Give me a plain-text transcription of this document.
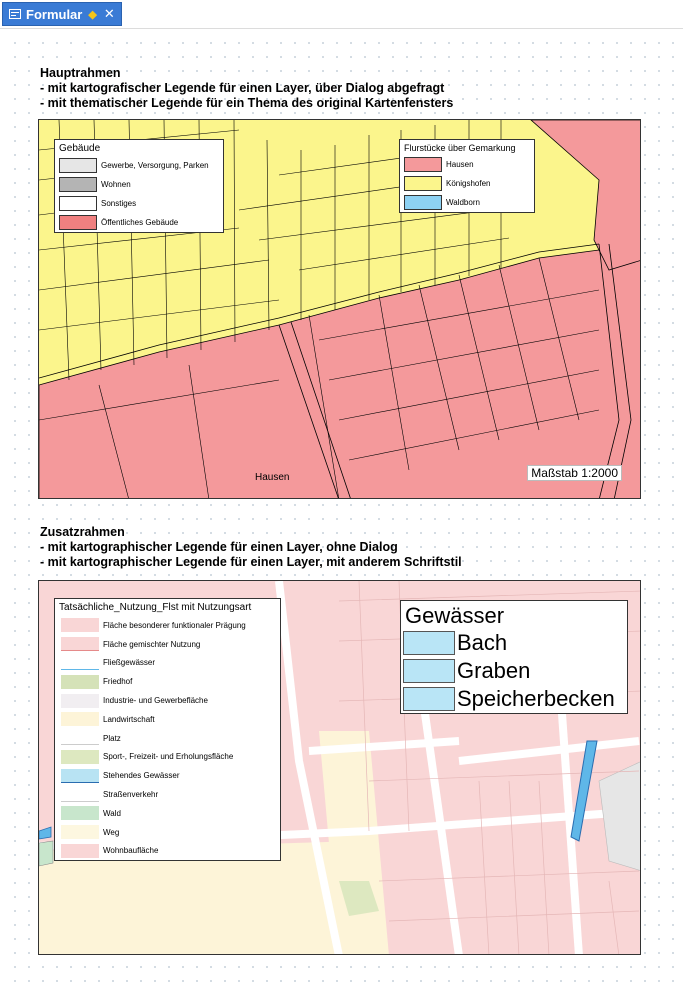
Formular ◆ ✕
Hauptrahmen
- mit kartografischer Legende für einen Layer, über Dialog abgefragt
- mit thematischer Legende für ein Thema des original Kartenfensters
Gebäude
Gewerbe, Versorgung, Parken
Wohnen
Sonstiges
Öffentliches Gebäude
Flurstücke über Gemarkung
Hausen
Königshofen
Waldborn
Hausen	Maßstab 1:2000
Zusatzrahmen
- mit kartographischer Legende für einen Layer, ohne Dialog
- mit kartographischer Legende für einen Layer, mit anderem Schriftstil
Tatsächliche_Nutzung_Flst mit Nutzungsart
Fläche besonderer funktionaler Prägung
Fläche gemischter Nutzung
Fließgewässer
Friedhof
Industrie- und Gewerbefläche
Landwirtschaft
Platz
Sport-, Freizeit- und Erholungsfläche
Stehendes Gewässer
Straßenverkehr
Wald
Weg
Wohnbaufläche
Gewässer
Bach
Graben
Speicherbecken
